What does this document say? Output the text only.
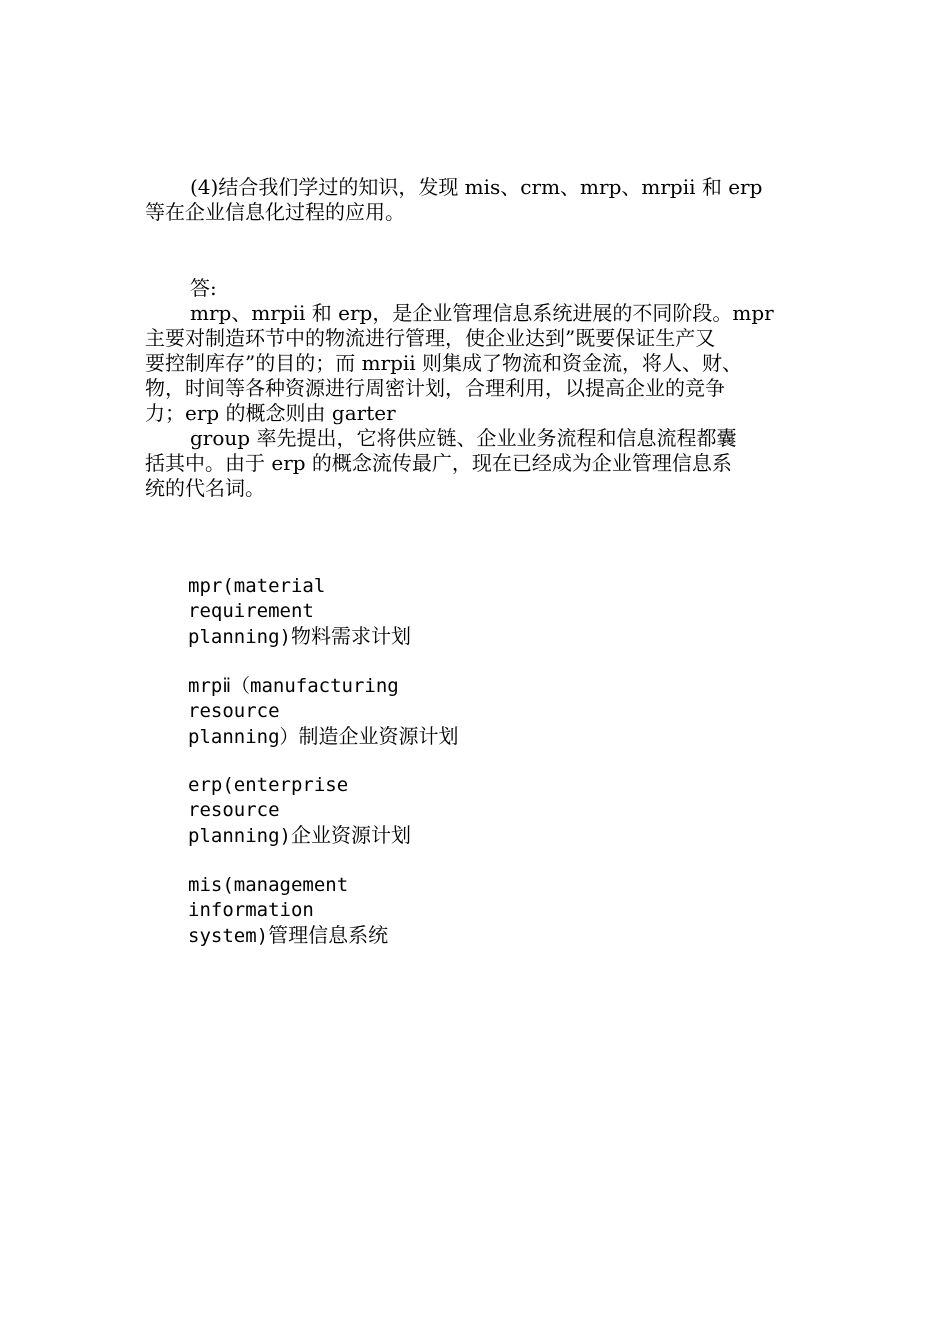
(4)结合我们学过的知识，发现 mis、crm、mrp、mrpⅱ 和 erp
等在企业信息化过程的应用。
答:
mrp、mrpⅱ 和 erp，是企业管理信息系统进展的不同阶段。mpr
主要对制造环节中的物流进行管理，使企业达到”既要保证生产又
要控制库存”的目的；而 mrpⅱ 则集成了物流和资金流，将人、财、
物，时间等各种资源进行周密计划，合理利用，以提高企业的竞争
力；erp 的概念则由 garter
group 率先提出，它将供应链、企业业务流程和信息流程都囊
括其中。由于 erp 的概念流传最广，现在已经成为企业管理信息系
统的代名词。
mpr(material
requirement
planning)物料需求计划
mrpⅱ（manufacturing
resource
planning）制造企业资源计划
erp(enterprise
resource
planning)企业资源计划
mis(management
information
system)管理信息系统
